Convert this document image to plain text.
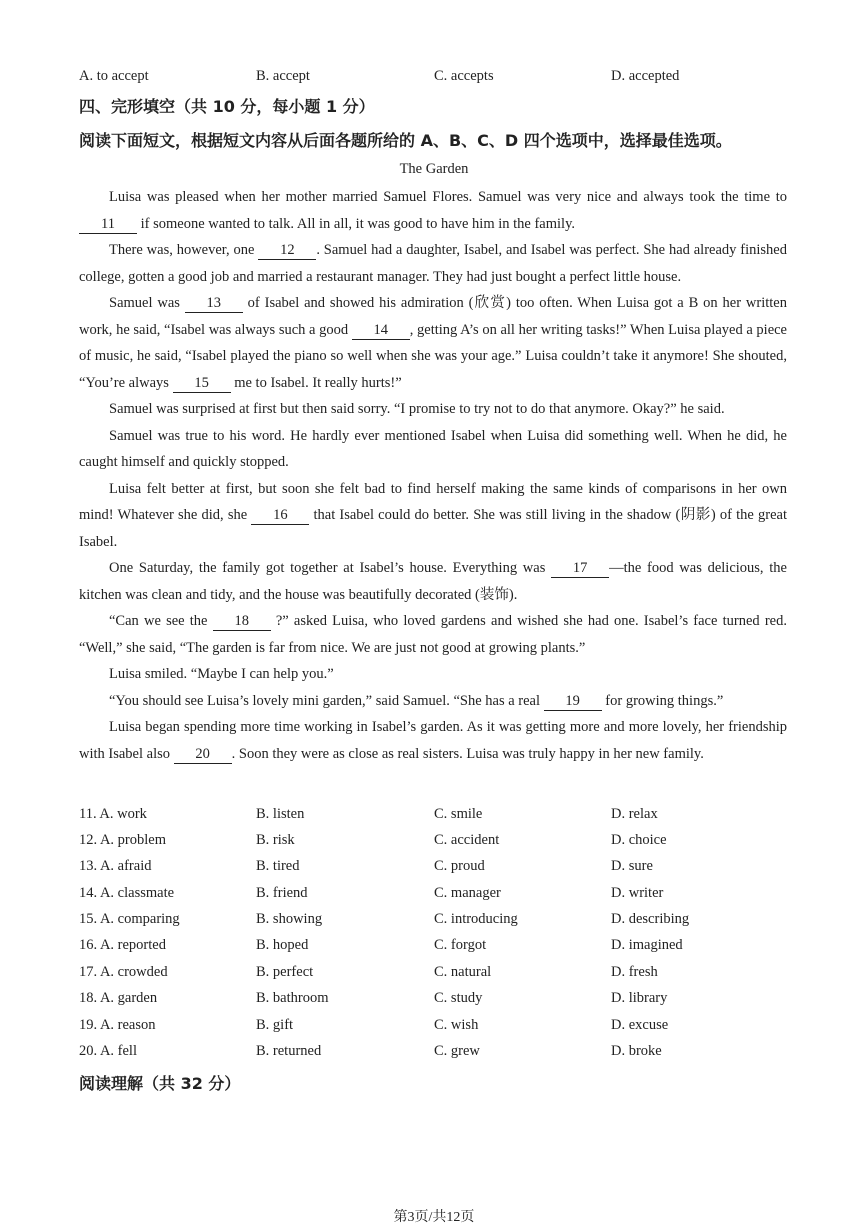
A. to accept	B. accept	C. accepts	D. accepted
四、完形填空（共 10 分，每小题 1 分）
阅读下面短文，根据短文内容从后面各题所给的 A、B、C、D 四个选项中，选择最佳选项。
The Garden

Luisa was pleased when her mother married Samuel Flores. Samuel was very nice and always took the time to 11 if someone wanted to talk. All in all, it was good to have him in the family.

There was, however, one 12 . Samuel had a daughter, Isabel, and Isabel was perfect. She had already finished college, gotten a good job and married a restaurant manager. They had just bought a perfect little house.

Samuel was 13 of Isabel and showed his admiration (欣赏) too often. When Luisa got a B on her written work, he said, “Isabel was always such a good 14 , getting A’s on all her writing tasks!” When Luisa played a piece of music, he said, “Isabel played the piano so well when she was your age.” Luisa couldn’t take it anymore! She shouted, “You’re always 15 me to Isabel. It really hurts!”

Samuel was surprised at first but then said sorry. “I promise to try not to do that anymore. Okay?” he said.

Samuel was true to his word. He hardly ever mentioned Isabel when Luisa did something well. When he did, he caught himself and quickly stopped.

Luisa felt better at first, but soon she felt bad to find herself making the same kinds of comparisons in her own mind! Whatever she did, she 16 that Isabel could do better. She was still living in the shadow (阴影) of the great Isabel.

One Saturday, the family got together at Isabel’s house. Everything was 17 —the food was delicious, the kitchen was clean and tidy, and the house was beautifully decorated (装饰).

“Can we see the 18 ?” asked Luisa, who loved gardens and wished she had one. Isabel’s face turned red. “Well,” she said, “The garden is far from nice. We are just not good at growing plants.”

Luisa smiled. “Maybe I can help you.”

“You should see Luisa’s lovely mini garden,” said Samuel. “She has a real 19 for growing things.”

Luisa began spending more time working in Isabel’s garden. As it was getting more and more lovely, her friendship with Isabel also 20 . Soon they were as close as real sisters. Luisa was truly happy in her new family.

11. A. work	B. listen	C. smile	D. relax
12. A. problem	B. risk	C. accident	D. choice
13. A. afraid	B. tired	C. proud	D. sure
14. A. classmate	B. friend	C. manager	D. writer
15. A. comparing	B. showing	C. introducing	D. describing
16. A. reported	B. hoped	C. forgot	D. imagined
17. A. crowded	B. perfect	C. natural	D. fresh
18. A. garden	B. bathroom	C. study	D. library
19. A. reason	B. gift	C. wish	D. excuse
20. A. fell	B. returned	C. grew	D. broke
阅读理解（共 32 分）
第3页/共12页
